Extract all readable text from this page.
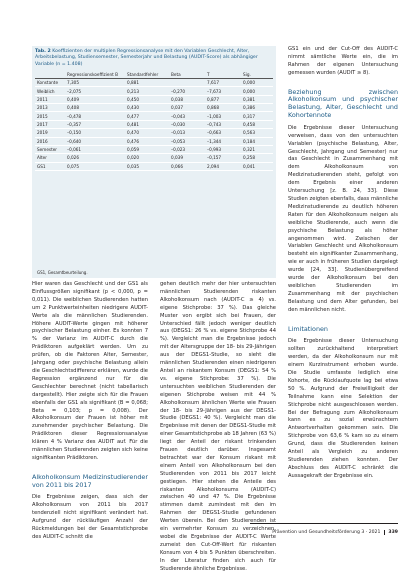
Tab. 2 Koeffizienten der multiplen Regressionsanalyse mit den Variablen Geschlecht, Alter, Arbeitsbelastung, Studiensemester, Semesterjahr und Belastung (AUDIT-Score) als abhängiger Variable (n = 1.408)
	Regressionskoeffizient B	Standardfehler	Beta	T	Sig.
Konstante	7,305	0,881		7,617	0,000
Weiblich	–2,075	0,213	–0,270	–7,673	0,000
2011	0,409	0,450	0,038	0,877	0,381
2013	0,408	0,430	0,037	0,868	0,386
2015	–0,478	0,477	–0,043	–1,003	0,317
2017	–0,357	0,481	–0,030	–0,743	0,458
2019	–0,150	0,470	–0,013	–0,663	0,563
2016	–0,640	0,476	–0,053	–1,344	0,184
Semester	–0,061	0,059	–0,023	–0,993	0,321
Alter	0,026	0,020	0,039	–0,157	0,258
GS1	0,075	0,035	0,066	2,094	0,041
GS1, Gesamtbeurteilung.

Hier waren das Geschlecht und der GS1 als Einflussgrößen signifikant (p < 0,000, p = 0,011). Die weiblichen Studierenden hatten um 2 Punktwerteinheiten niedrigere AUDIT-Werte als die männlichen Studierenden. Höhere AUDIT-Werte gingen mit höherer psychischer Belastung einher. Es konnten 7 % der Varianz im AUDIT-C durch die Prädiktoren aufgeklärt werden. Um zu prüfen, ob die Faktoren Alter, Semester, Jahrgang oder psychische Belastung allein die Geschlechtsdifferenz erklären, wurde die Regression ergänzend nur für die Geschlechter berechnet (nicht tabellarisch dargestellt). Hier zeigte sich für die Frauen ebenfalls der GS1 als signifikant (B = 0,068; Beta = 0,103; p = 0,008). Der Alkoholkonsum der Frauen ist höher mit zunehmender psychischer Belastung. Die Prädiktoren dieser Regressionsanalyse klären 4 % Varianz des AUDIT auf. Für die männlichen Studierenden zeigten sich keine signifikanten Prädiktoren.

Alkoholkonsum Medizinstudierender von 2011 bis 2017

Die Ergebnisse zeigen, dass sich der Alkoholkonsum von 2011 bis 2017 tendenziell nicht signifikant verändert hat. Aufgrund der rückläufigen Anzahl der Rückmeldungen bei der Gesamtstichprobe des AUDIT-C schnitt die

gehen deutlich mehr der hier untersuchten männlichen Studierenden riskanten Alkoholkonsum nach (AUDIT-C ≥ 4) vs. eigene Stichprobe: 37 %). Das gleiche Muster von ergibt sich bei Frauen, der Unterschied fällt jedoch weniger deutlich aus (DEGS1: 26 % vs. eigene Stichprobe 44 %). Vergleicht man die Ergebnisse jedoch mit der Altersgruppe der 18- bis 29-Jährigen aus der DEGS1-Studie, so sieht die männlichen Studierenden einen niedrigeren Anteil an riskantem Konsum (DEGS1: 54 % vs. eigene Stichprobe: 37 %). Die untersuchten weiblichen Studierenden der eigenen Stichprobe weisen mit 44 % Alkoholkonsum ähnlichen Werte wie Frauen der 18- bis 29-Jährigen aus der DEGS1-Studie (DEGS1: 40 %). Vergleicht man die Ergebnisse mit denen der DEGS1-Studie mit einer Gesamtstichprobe ab 18 Jahren (63 %) liegt der Anteil der riskant trinkenden Frauen deutlich darüber. Insgesamt betrachtet war der Konsum riskant mit einem Anteil von Alkoholkonsum bei den Studierenden von 2011 bis 2017 leicht gestiegen. Hier stehen die Anteile des riskanten Alkoholkonsums (AUDIT-C) zwischen 40 und 47 %. Die Ergebnisse stimmen damit zumindest mit den im Rahmen der DEGS1-Studie gefundenen Werten überein. Bei den Studierenden ist ein vermehrter Konsum zu verzeichnen, wobei die Ergebnisse der AUDIT-C Werte zumeist den Cut-Off-Wert für riskanten Konsum von 4 bis 5 Punkten überschreiten. In der Literatur finden sich auch für Studierende ähnliche Ergebnisse.

GS1 ein und der Cut-Off des AUDIT-C nimmt sämtliche Werte ein, die im Rahmen der eigenen Untersuchung gemessen wurden (AUDIT ≥ 8).

Beziehung zwischen Alkoholkonsum und psychischer Belastung, Alter, Geschlecht und Kohortennote

Die Ergebnisse dieser Untersuchung verweisen, dass von den untersuchten Variablen (psychische Belastung, Alter, Geschlecht, Jahrgang und Semester) nur das Geschlecht in Zusammenhang mit dem Alkoholkonsum von Medizinstudierenden steht, gefolgt von dem Ergebnis einer anderen Untersuchung [z. B. 24, 33]. Diese Studien zeigten ebenfalls, dass männliche Medizinstudierende zu deutlich höheren Raten für den Alkoholkonsum neigen als weibliche Studierende, auch wenn die psychische Belastung als höher angenommen wird. Zwischen der Variablen Geschlecht und Alkoholkonsum besteht ein signifikanter Zusammenhang, wie er auch in früheren Studien dargelegt wurde [24, 33]. Studienübergreifend wurde der Alkoholkonsum bei den weiblichen Studierenden im Zusammenhang mit der psychischen Belastung und dem Alter gefunden, bei den männlichen nicht.

Limitationen

Die Ergebnisse dieser Untersuchung sollten zurückhaltend interpretiert werden, da der Alkoholkonsum nur mit einem Kurzinstrument erhoben wurde. Die Studie umfasste lediglich eine Kohorte, die Rücklaufquote lag bei etwa 50 %. Aufgrund der Freiwilligkeit der Teilnahme kann eine Selektion der Stichprobe nicht ausgeschlossen werden. Bei der Befragung zum Alkoholkonsum kann es zu sozial erwünschtem Antwortverhalten gekommen sein. Die Stichprobe von 63,6 % kam so zu einem Grund, dass die Studierenden keinen Anteil als Vergleich zu anderen Studierenden ziehen konnten. Der Abschluss des AUDIT-C schränkt die Aussagekraft der Ergebnisse ein.

Prävention und Gesundheitsförderung 3 · 2021	339
